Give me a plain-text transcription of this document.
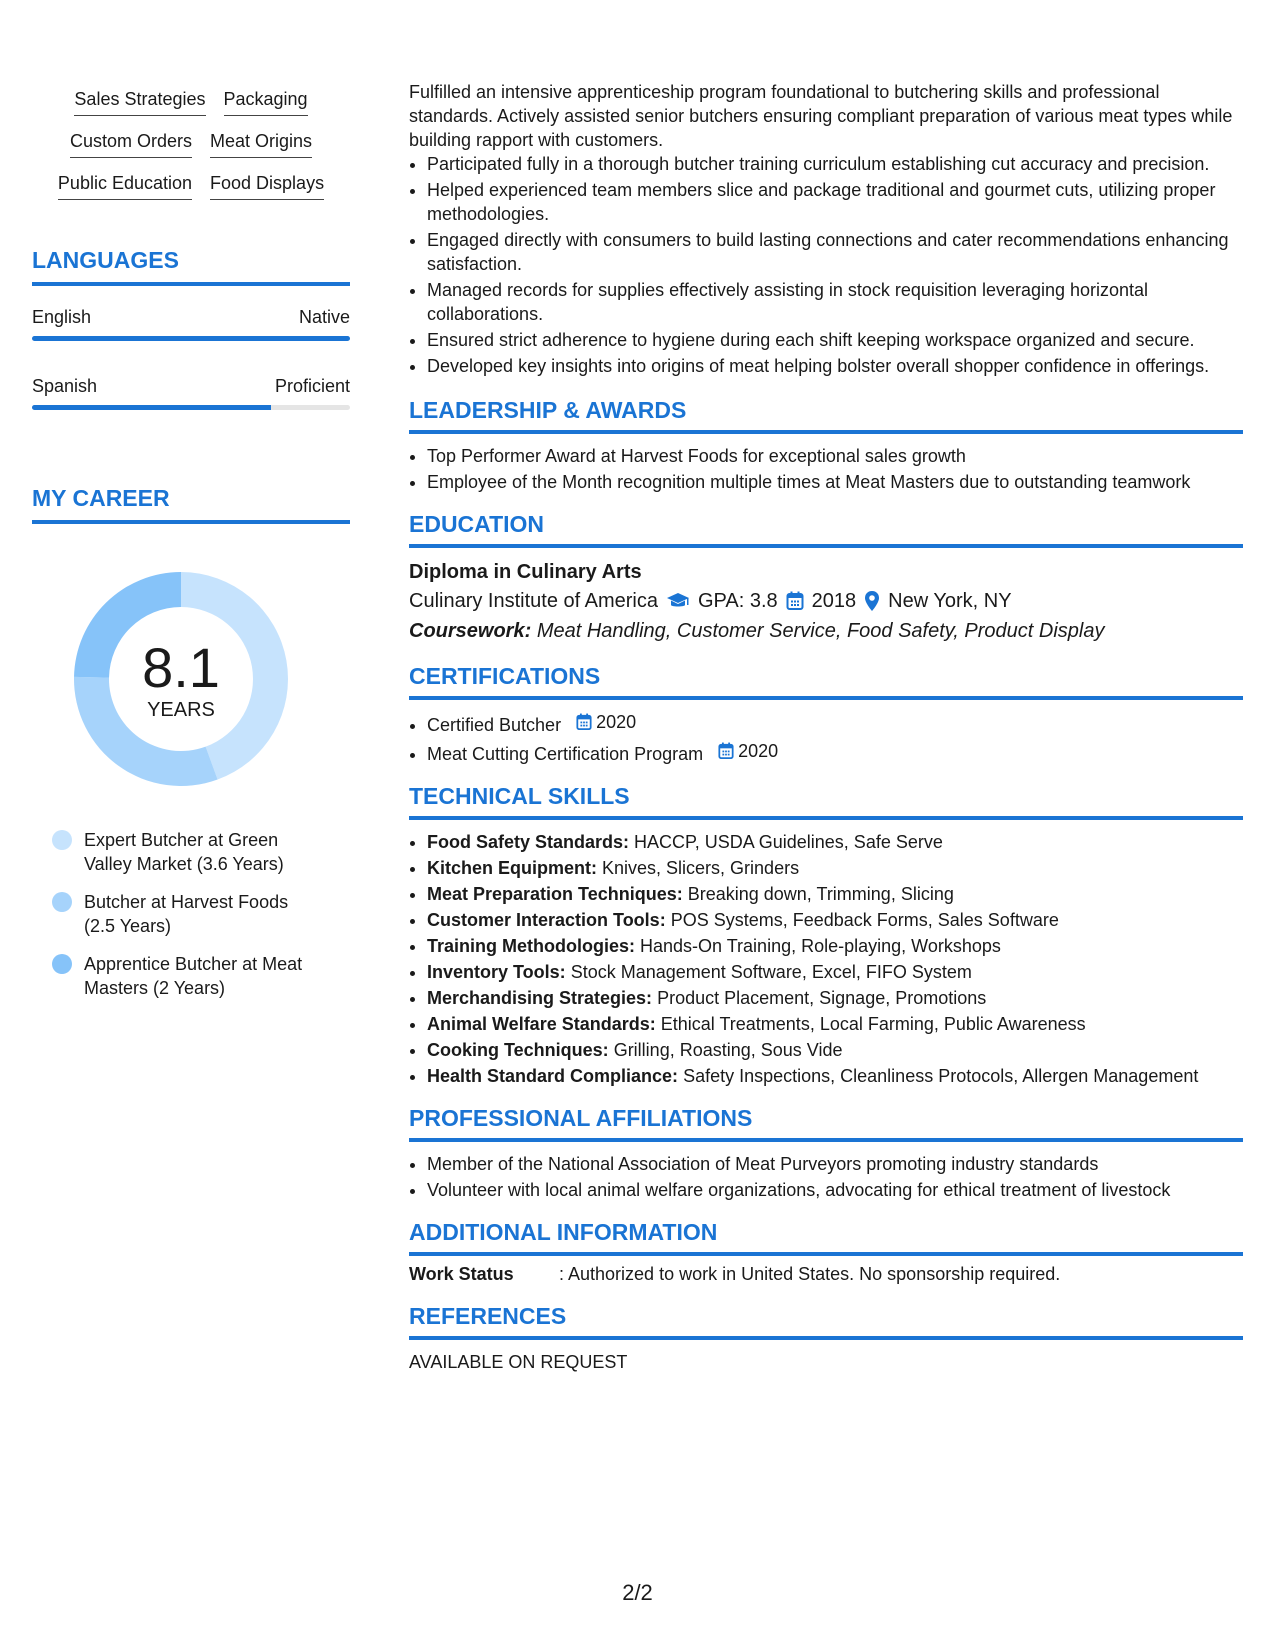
Sales Strategies Packaging
Custom Orders Meat Origins
Public Education Food Displays
LANGUAGES
English	Native
Spanish	Proficient
MY CAREER
8.1
YEARS
Expert Butcher at Green Valley Market (3.6 Years)
Butcher at Harvest Foods (2.5 Years)
Apprentice Butcher at Meat Masters (2 Years)

Fulfilled an intensive apprenticeship program foundational to butchering skills and professional standards. Actively assisted senior butchers ensuring compliant preparation of various meat types while building rapport with customers.

• Participated fully in a thorough butcher training curriculum establishing cut accuracy and precision.
• Helped experienced team members slice and package traditional and gourmet cuts, utilizing proper methodologies.
• Engaged directly with consumers to build lasting connections and cater recommendations enhancing satisfaction.
• Managed records for supplies effectively assisting in stock requisition leveraging horizontal collaborations.
• Ensured strict adherence to hygiene during each shift keeping workspace organized and secure.
• Developed key insights into origins of meat helping bolster overall shopper confidence in offerings.
LEADERSHIP & AWARDS
• Top Performer Award at Harvest Foods for exceptional sales growth
• Employee of the Month recognition multiple times at Meat Masters due to outstanding teamwork
EDUCATION
Diploma in Culinary Arts
Culinary Institute of America GPA: 3.8 2018 New York, NY
Coursework: Meat Handling, Customer Service, Food Safety, Product Display
CERTIFICATIONS
• Certified Butcher 2020
• Meat Cutting Certification Program 2020
TECHNICAL SKILLS
• Food Safety Standards: HACCP, USDA Guidelines, Safe Serve
• Kitchen Equipment: Knives, Slicers, Grinders
• Meat Preparation Techniques: Breaking down, Trimming, Slicing
• Customer Interaction Tools: POS Systems, Feedback Forms, Sales Software
• Training Methodologies: Hands-On Training, Role-playing, Workshops
• Inventory Tools: Stock Management Software, Excel, FIFO System
• Merchandising Strategies: Product Placement, Signage, Promotions
• Animal Welfare Standards: Ethical Treatments, Local Farming, Public Awareness
• Cooking Techniques: Grilling, Roasting, Sous Vide
• Health Standard Compliance: Safety Inspections, Cleanliness Protocols, Allergen Management
PROFESSIONAL AFFILIATIONS
• Member of the National Association of Meat Purveyors promoting industry standards
• Volunteer with local animal welfare organizations, advocating for ethical treatment of livestock
ADDITIONAL INFORMATION
Work Status	: Authorized to work in United States. No sponsorship required.
REFERENCES
AVAILABLE ON REQUEST
2/2
